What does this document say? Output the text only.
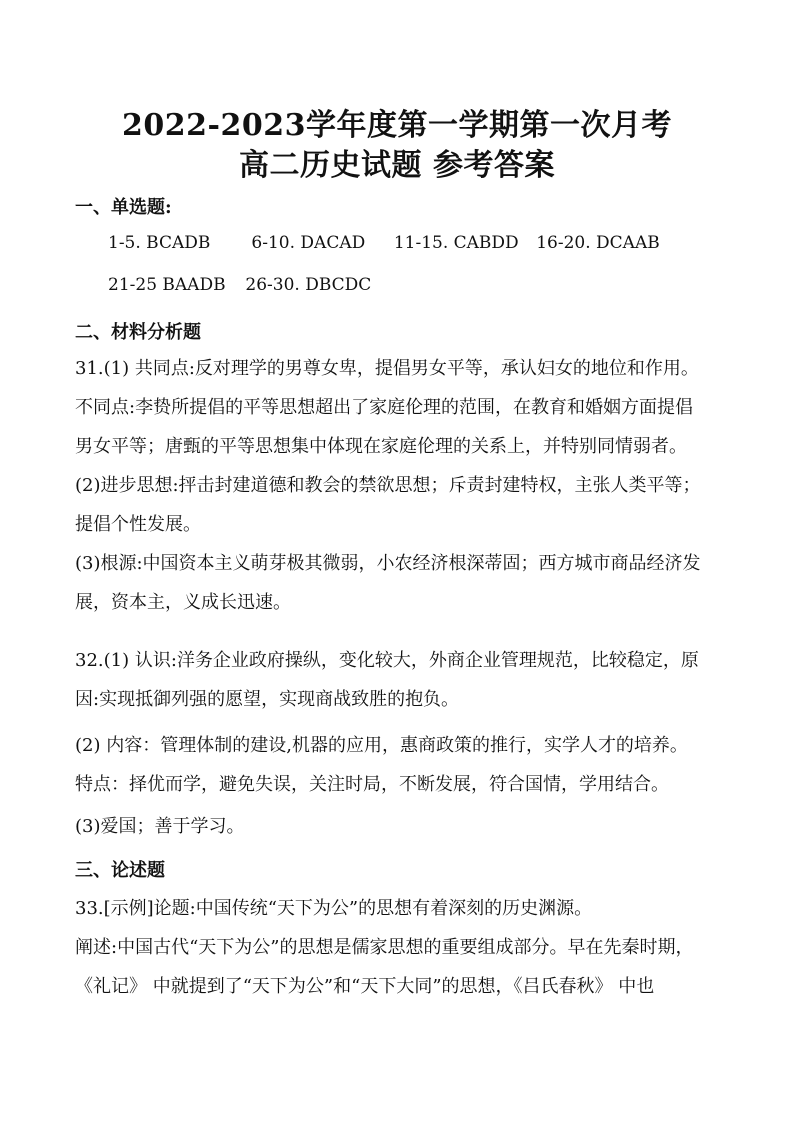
2022-2023学年度第一学期第一次月考
高二历史试题 参考答案
一、单选题:
1-5. BCADB 6-10. DACAD 11-15. CABDD 16-20. DCAAB
21-25 BAADB 26-30. DBCDC
二、材料分析题
31.(1) 共同点:反对理学的男尊女卑，提倡男女平等，承认妇女的地位和作用。
不同点:李贽所提倡的平等思想超出了家庭伦理的范围，在教育和婚姻方面提倡
男女平等；唐甄的平等思想集中体现在家庭伦理的关系上，并特别同情弱者。
(2)进步思想:抨击封建道德和教会的禁欲思想；斥责封建特权，主张人类平等；
提倡个性发展。
(3)根源:中国资本主义萌芽极其微弱，小农经济根深蒂固；西方城市商品经济发
展，资本主，义成长迅速。
32.(1) 认识:洋务企业政府操纵，变化较大，外商企业管理规范，比较稳定，原
因:实现抵御列强的愿望，实现商战致胜的抱负。
(2) 内容：管理体制的建设,机器的应用，惠商政策的推行，实学人才的培养。
特点：择优而学，避免失误，关注时局，不断发展，符合国情，学用结合。
(3)爱国；善于学习。
三、论述题
33.[示例]论题:中国传统“天下为公”的思想有着深刻的历史渊源。
阐述:中国古代“天下为公”的思想是儒家思想的重要组成部分。早在先秦时期，
《礼记》 中就提到了“天下为公”和“天下大同”的思想，《吕氏春秋》 中也
